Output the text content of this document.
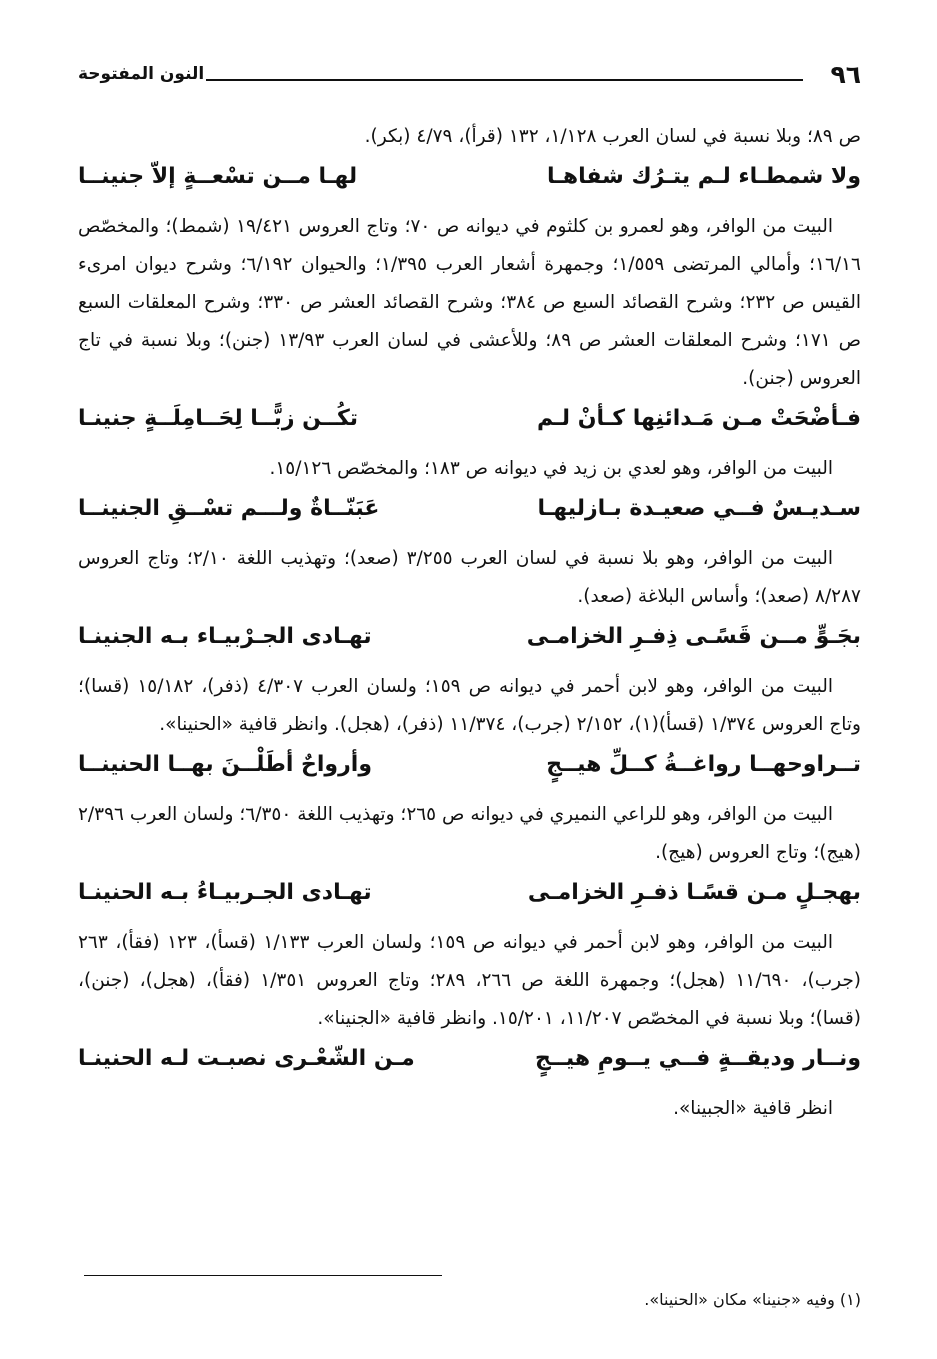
٩٦
النون المفتوحة
ص ٨٩؛ وبلا نسبة في لسان العرب ١/١٢٨، ١٣٢ (قرأ)، ٤/٧٩ (بكر).
ولا شمطـاء لـم يتـرُك شفاهـا
لهـا مــن تسْعــةٍ إلاّ جنينــا
البيت من الوافر، وهو لعمرو بن كلثوم في ديوانه ص ٧٠؛ وتاج العروس ١٩/٤٢١ (شمط)؛ والمخصّص ١٦/١٦؛ وأمالي المرتضى ١/٥٥٩؛ وجمهرة أشعار العرب ١/٣٩٥؛ والحيوان ٦/١٩٢؛ وشرح ديوان امرىء القيس ص ٢٣٢؛ وشرح القصائد السبع ص ٣٨٤؛ وشرح القصائد العشر ص ٣٣٠؛ وشرح المعلقات السبع ص ١٧١؛ وشرح المعلقات العشر ص ٨٩؛ وللأعشى في لسان العرب ١٣/٩٣ (جنن)؛ وبلا نسبة في تاج العروس (جنن).
فـأضْحَتْ مـن مَـدائنِها كـأنْ لـم
تكُــن زبًّــا لِحَــامِلَــةٍ جنينـا
البيت من الوافر، وهو لعدي بن زيد في ديوانه ص ١٨٣؛ والمخصّص ١٥/١٢٦.
سـديـسٌ فــي صعيـدة بـازليهـا
عَبَنّــاةٌ ولـــم تسْــقِ الجنينــا
البيت من الوافر، وهو بلا نسبة في لسان العرب ٣/٢٥٥ (صعد)؛ وتهذيب اللغة ٢/١٠؛ وتاج العروس ٨/٢٨٧ (صعد)؛ وأساس البلاغة (صعد).
بجَـوٍّ مــن قَسًـى ذِفـرِ الخزامـى
تهـادى الجـرْبيـاء بـه الجنينـا
البيت من الوافر، وهو لابن أحمر في ديوانه ص ١٥٩؛ ولسان العرب ٤/٣٠٧ (ذفر)، ١٥/١٨٢ (قسا)؛ وتاج العروس ١/٣٧٤ (قسأ)(١)، ٢/١٥٢ (جرب)، ١١/٣٧٤ (ذفر)، (هجل). وانظر قافية «الحنينا».
تــراوحهــا رواغــةُ كــلِّ هيــجٍ
وأرواحٌ أطَلْــنَ بهــا الحنينــا
البيت من الوافر، وهو للراعي النميري في ديوانه ص ٢٦٥؛ وتهذيب اللغة ٦/٣٥٠؛ ولسان العرب ٢/٣٩٦ (هيج)؛ وتاج العروس (هيج).
بهجـلٍ مـن قسًـا ذفـرِ الخزامـى
تهـادى الجـربيـاءُ بـه الحنينـا
البيت من الوافر، وهو لابن أحمر في ديوانه ص ١٥٩؛ ولسان العرب ١/١٣٣ (قسأ)، ١٢٣ (فقأ)، ٢٦٣ (جرب)، ١١/٦٩٠ (هجل)؛ وجمهرة اللغة ص ٢٦٦، ٢٨٩؛ وتاج العروس ١/٣٥١ (فقأ)، (هجل)، (جنن)، (قسا)؛ وبلا نسبة في المخصّص ١١/٢٠٧، ١٥/٢٠١. وانظر قافية «الجنينا».
ونــار وديقــةٍ فــي يــومِ هيــجٍ
مـن الشّعْـرى نصبـت لـه الحنينـا
انظر قافية «الجبينا».
(١) وفيه «جنينا» مكان «الحنينا».
